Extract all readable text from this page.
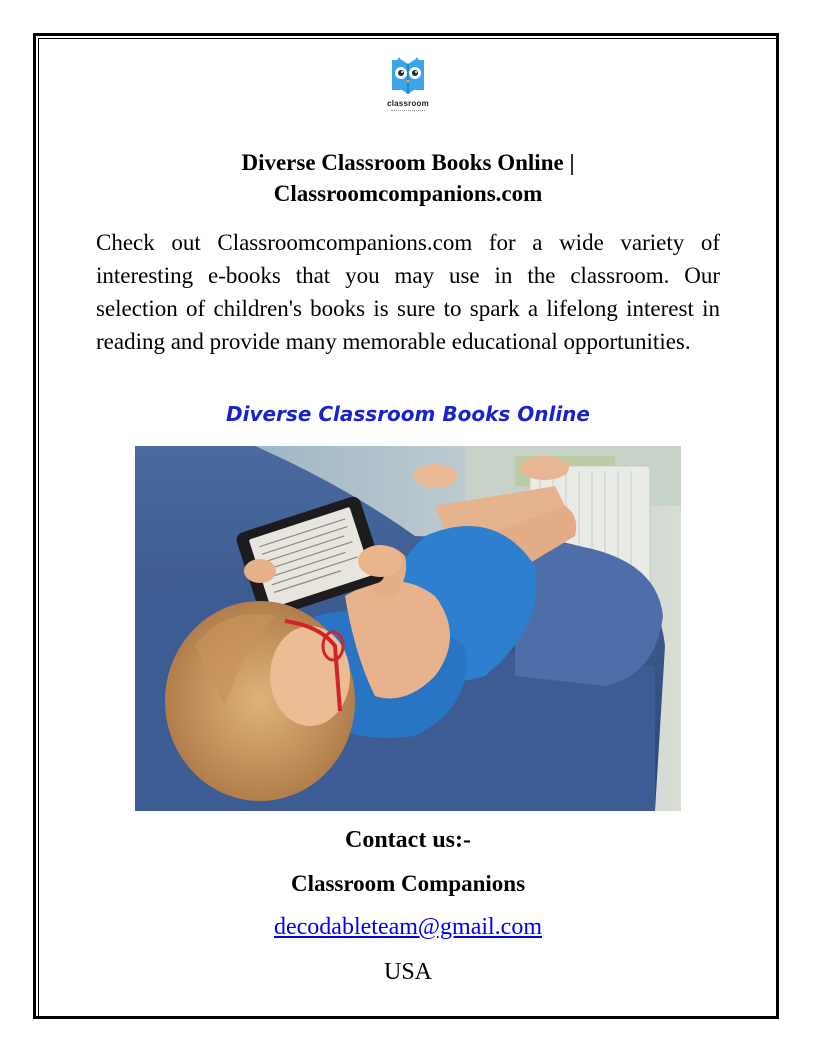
classroom
Diverse Classroom Books Online |
Classroomcompanions.com

Check out Classroomcompanions.com for a wide variety of interesting e-books that you may use in the classroom. Our selection of children's books is sure to spark a lifelong interest in reading and provide many memorable educational opportunities.

Diverse Classroom Books Online
Contact us:-

Classroom Companions

decodableteam@gmail.com

USA
